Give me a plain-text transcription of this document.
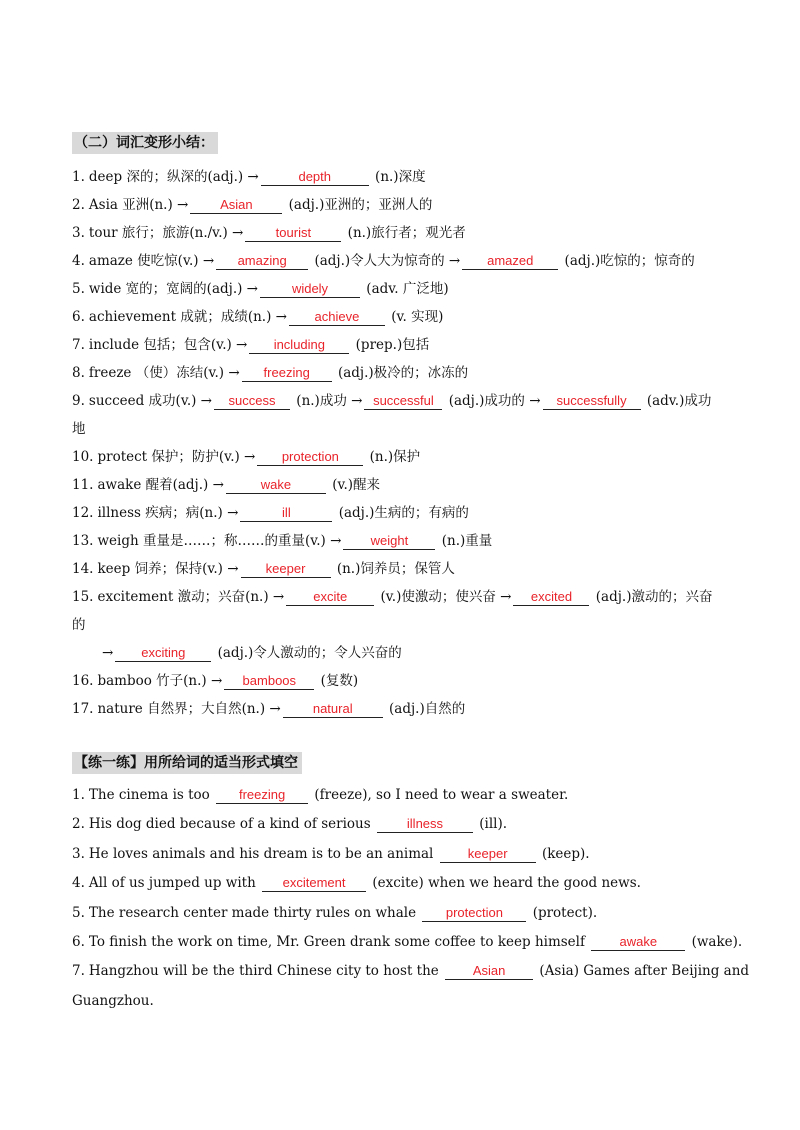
（二）词汇变形小结：
1. deep 深的；纵深的(adj.) →	depth	(n.)深度
2. Asia 亚洲(n.) → Asian	(adj.)亚洲的；亚洲人的
3. tour 旅行；旅游(n./v.) → tourist	(n.)旅行者；观光者
4. amaze 使吃惊(v.) → amazing (adj.)令人大为惊奇的 → amazed (adj.)吃惊的；惊奇的
5. wide 宽的；宽阔的(adj.) →	widely	(adv. 广泛地)
6. achievement 成就；成绩(n.) → achieve (v. 实现)
7. include 包括；包含(v.) → including (prep.)包括
8. freeze （使）冻结(v.) → freezing (adj.)极冷的；冰冻的
9. succeed 成功(v.) → success (n.)成功 → successful (adj.)成功的 → successfully (adv.)成功
地
10. protect 保护；防护(v.) → protection (n.)保护
11. awake 醒着(adj.) →	wake	(v.)醒来
12. illness 疾病；病(n.) →	ill	(adj.)生病的；有病的
13. weigh 重量是……；称……的重量(v.) → weight (n.)重量
14. keep 饲养；保持(v.) → keeper (n.)饲养员；保管人
15. excitement 激动；兴奋(n.) → excite (v.)使激动；使兴奋 → excited (adj.)激动的；兴奋
的
→ exciting (adj.)令人激动的；令人兴奋的
16. bamboo 竹子(n.) → bamboos (复数)
17. nature 自然界；大自然(n.) → natural	(adj.)自然的
【练一练】用所给词的适当形式填空
1. The cinema is too freezing (freeze), so I need to wear a sweater.
2. His dog died because of a kind of serious	illness	(ill).
3. He loves animals and his dream is to be an animal	keeper	(keep).
4. All of us jumped up with excitement (excite) when we heard the good news.
5. The research center made thirty rules on whale protection (protect).
6. To finish the work on time, Mr. Green drank some coffee to keep himself	awake	(wake).
7. Hangzhou will be the third Chinese city to host the	Asian	(Asia) Games after Beijing and
Guangzhou.
